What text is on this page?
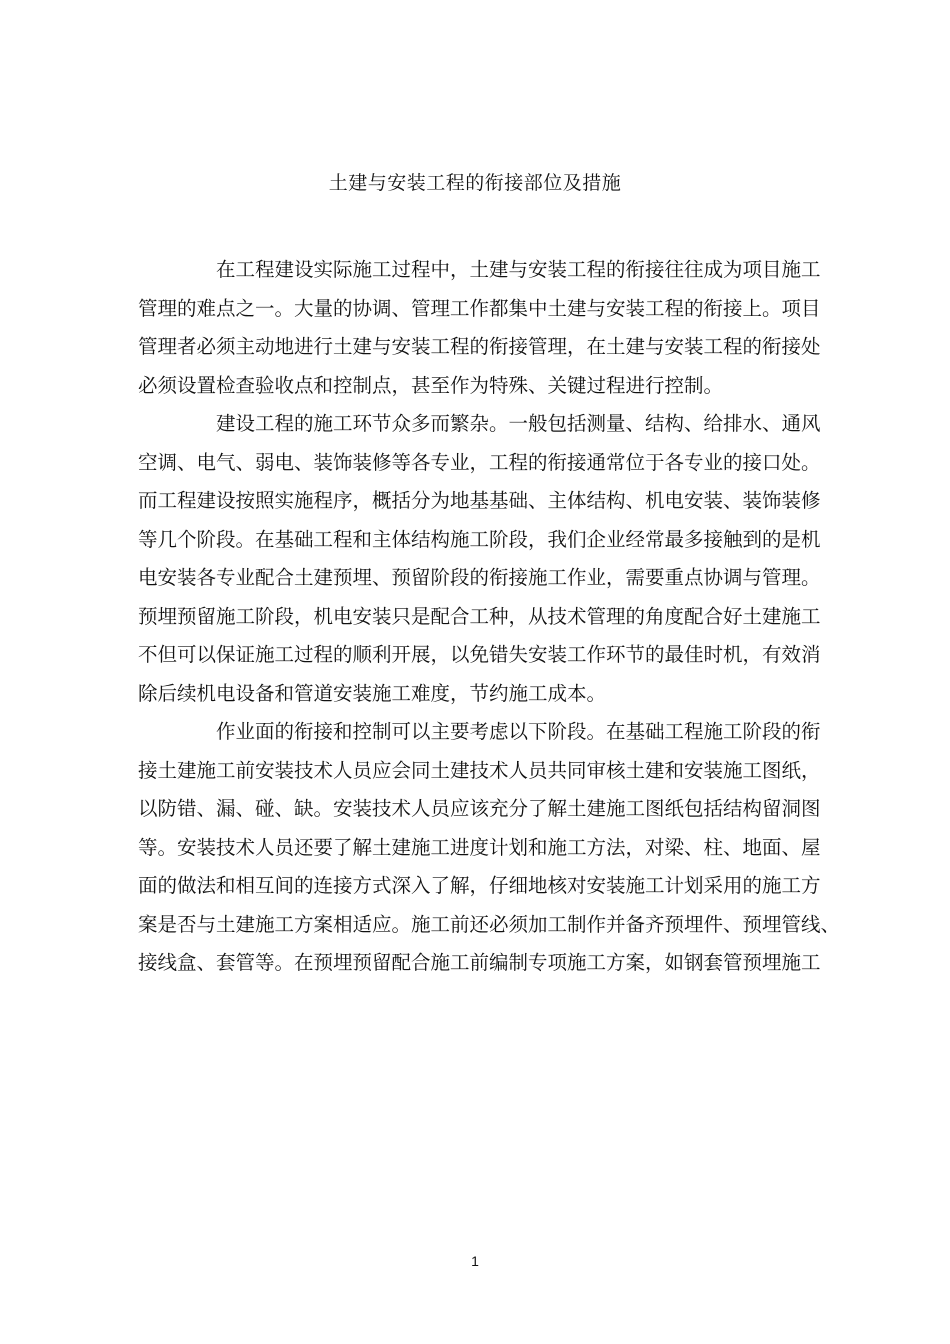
土建与安装工程的衔接部位及措施

在工程建设实际施工过程中，土建与安装工程的衔接往往成为项目施工
管理的难点之一。大量的协调、管理工作都集中土建与安装工程的衔接上。项目
管理者必须主动地进行土建与安装工程的衔接管理，在土建与安装工程的衔接处
必须设置检查验收点和控制点，甚至作为特殊、关键过程进行控制。

建设工程的施工环节众多而繁杂。一般包括测量、结构、给排水、通风
空调、电气、弱电、装饰装修等各专业，工程的衔接通常位于各专业的接口处。
而工程建设按照实施程序，概括分为地基基础、主体结构、机电安装、装饰装修
等几个阶段。在基础工程和主体结构施工阶段，我们企业经常最多接触到的是机
电安装各专业配合土建预埋、预留阶段的衔接施工作业，需要重点协调与管理。
预埋预留施工阶段，机电安装只是配合工种，从技术管理的角度配合好土建施工
不但可以保证施工过程的顺利开展，以免错失安装工作环节的最佳时机，有效消
除后续机电设备和管道安装施工难度，节约施工成本。

作业面的衔接和控制可以主要考虑以下阶段。在基础工程施工阶段的衔
接土建施工前安装技术人员应会同土建技术人员共同审核土建和安装施工图纸，
以防错、漏、碰、缺。安装技术人员应该充分了解土建施工图纸包括结构留洞图
等。安装技术人员还要了解土建施工进度计划和施工方法，对梁、柱、地面、屋
面的做法和相互间的连接方式深入了解，仔细地核对安装施工计划采用的施工方
案是否与土建施工方案相适应。施工前还必须加工制作并备齐预埋件、预埋管线、
接线盒、套管等。在预埋预留配合施工前编制专项施工方案，如钢套管预埋施工

1
